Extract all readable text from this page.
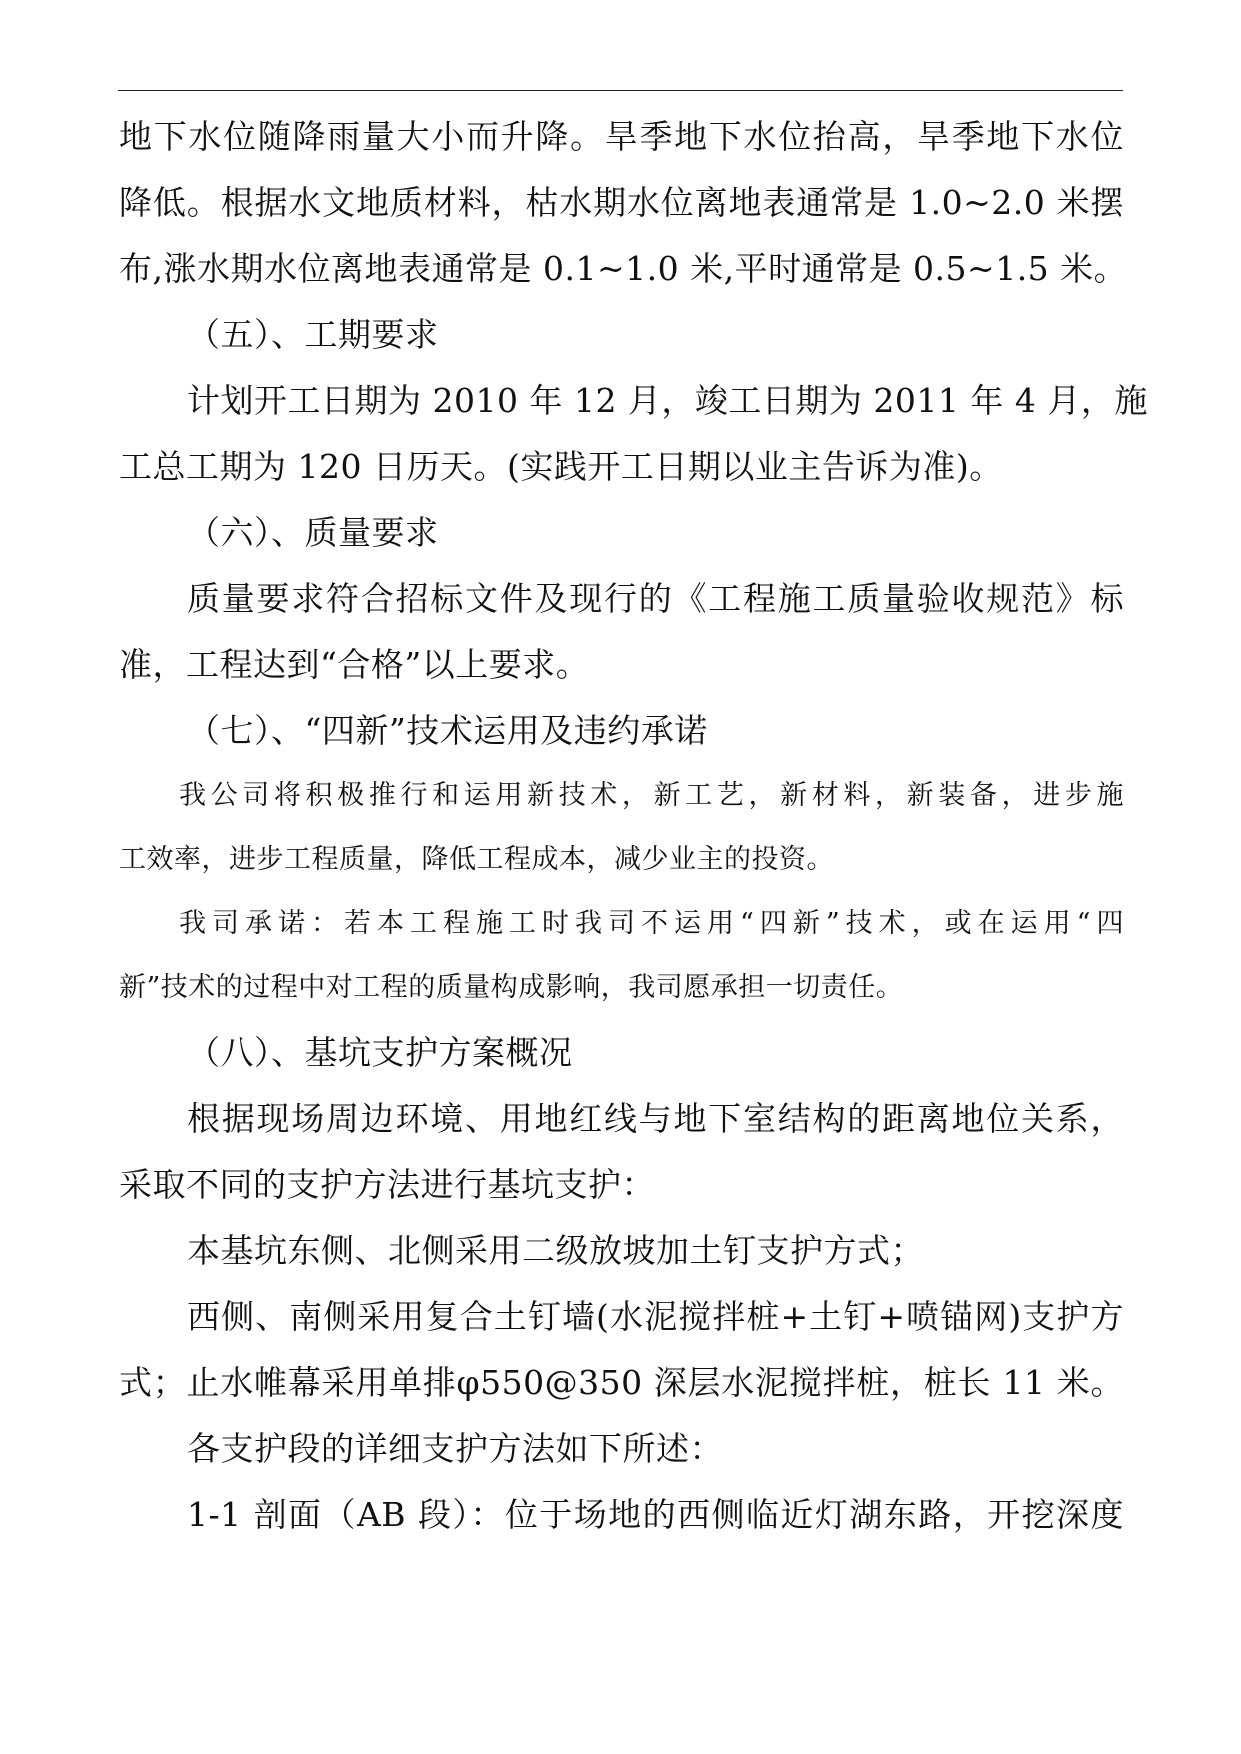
地下水位随降雨量大小而升降。旱季地下水位抬高，旱季地下水位

降低。根据水文地质材料，枯水期水位离地表通常是 1.0~2.0 米摆

布,涨水期水位离地表通常是 0.1~1.0 米,平时通常是 0.5~1.5 米。

（五）、工期要求

计划开工日期为 2010 年 12 月，竣工日期为 2011 年 4 月，施

工总工期为 120 日历天。(实践开工日期以业主告诉为准)。

（六）、质量要求

质量要求符合招标文件及现行的《工程施工质量验收规范》标

准，工程达到“合格”以上要求。

（七）、“四新”技术运用及违约承诺

我公司将积极推行和运用新技术，新工艺，新材料，新装备，进步施

工效率，进步工程质量，降低工程成本，减少业主的投资。

我司承诺：若本工程施工时我司不运用“四新”技术，或在运用“四

新”技术的过程中对工程的质量构成影响，我司愿承担一切责任。

（八）、基坑支护方案概况

根据现场周边环境、用地红线与地下室结构的距离地位关系，

采取不同的支护方法进行基坑支护：

本基坑东侧、北侧采用二级放坡加土钉支护方式；

西侧、南侧采用复合土钉墙(水泥搅拌桩+土钉+喷锚网)支护方

式；止水帷幕采用单排φ550@350 深层水泥搅拌桩，桩长 11 米。

各支护段的详细支护方法如下所述：

1-1 剖面（AB 段）：位于场地的西侧临近灯湖东路，开挖深度
